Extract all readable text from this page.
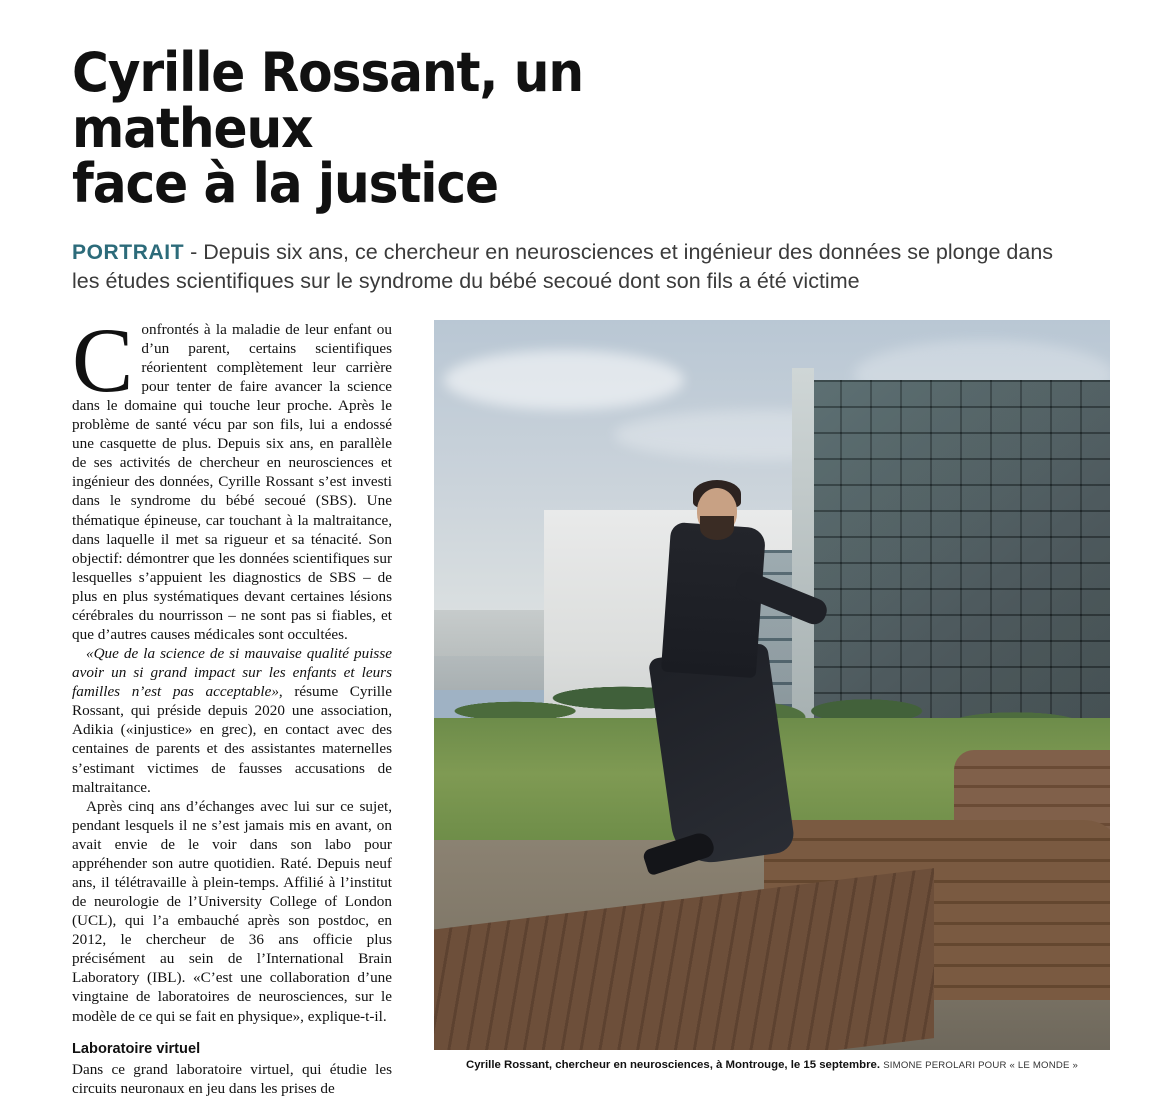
Cyrille Rossant, un matheux
face à la justice
PORTRAIT - Depuis six ans, ce chercheur en neurosciences et ingénieur des données se plonge dans les études scientifiques sur le syndrome du bébé secoué dont son fils a été victime

Confrontés à la maladie de leur enfant ou d’un parent, certains scientifiques réorientent complètement leur carrière pour tenter de faire avancer la science dans le domaine qui touche leur proche. Après le problème de santé vécu par son fils, lui a endossé une casquette de plus. Depuis six ans, en parallèle de ses activités de chercheur en neurosciences et ingénieur des données, Cyrille Rossant s’est investi dans le syndrome du bébé secoué (SBS). Une thématique épineuse, car touchant à la maltraitance, dans laquelle il met sa rigueur et sa ténacité. Son objectif: démontrer que les données scientifiques sur lesquelles s’appuient les diagnostics de SBS – de plus en plus systématiques devant certaines lésions cérébrales du nourrisson – ne sont pas si fiables, et que d’autres causes médicales sont occultées.

«Que de la science de si mauvaise qualité puisse avoir un si grand impact sur les enfants et leurs familles n’est pas acceptable», résume Cyrille Rossant, qui préside depuis 2020 une association, Adikia («injustice» en grec), en contact avec des centaines de parents et des assistantes maternelles s’estimant victimes de fausses accusations de maltraitance.

Après cinq ans d’échanges avec lui sur ce sujet, pendant lesquels il ne s’est jamais mis en avant, on avait envie de le voir dans son labo pour appréhender son autre quotidien. Raté. Depuis neuf ans, il télétravaille à plein-temps. Affilié à l’institut de neurologie de l’University College of London (UCL), qui l’a embauché après son postdoc, en 2012, le chercheur de 36 ans officie plus précisément au sein de l’International Brain Laboratory (IBL). «C’est une collaboration d’une vingtaine de laboratoires de neurosciences, sur le modèle de ce qui se fait en physique», explique-t-il.

Laboratoire virtuel

Dans ce grand laboratoire virtuel, qui étudie les circuits neuronaux en jeu dans les prises de

Cyrille Rossant, chercheur en neurosciences, à Montrouge, le 15 septembre. SIMONE PEROLARI POUR « LE MONDE »
